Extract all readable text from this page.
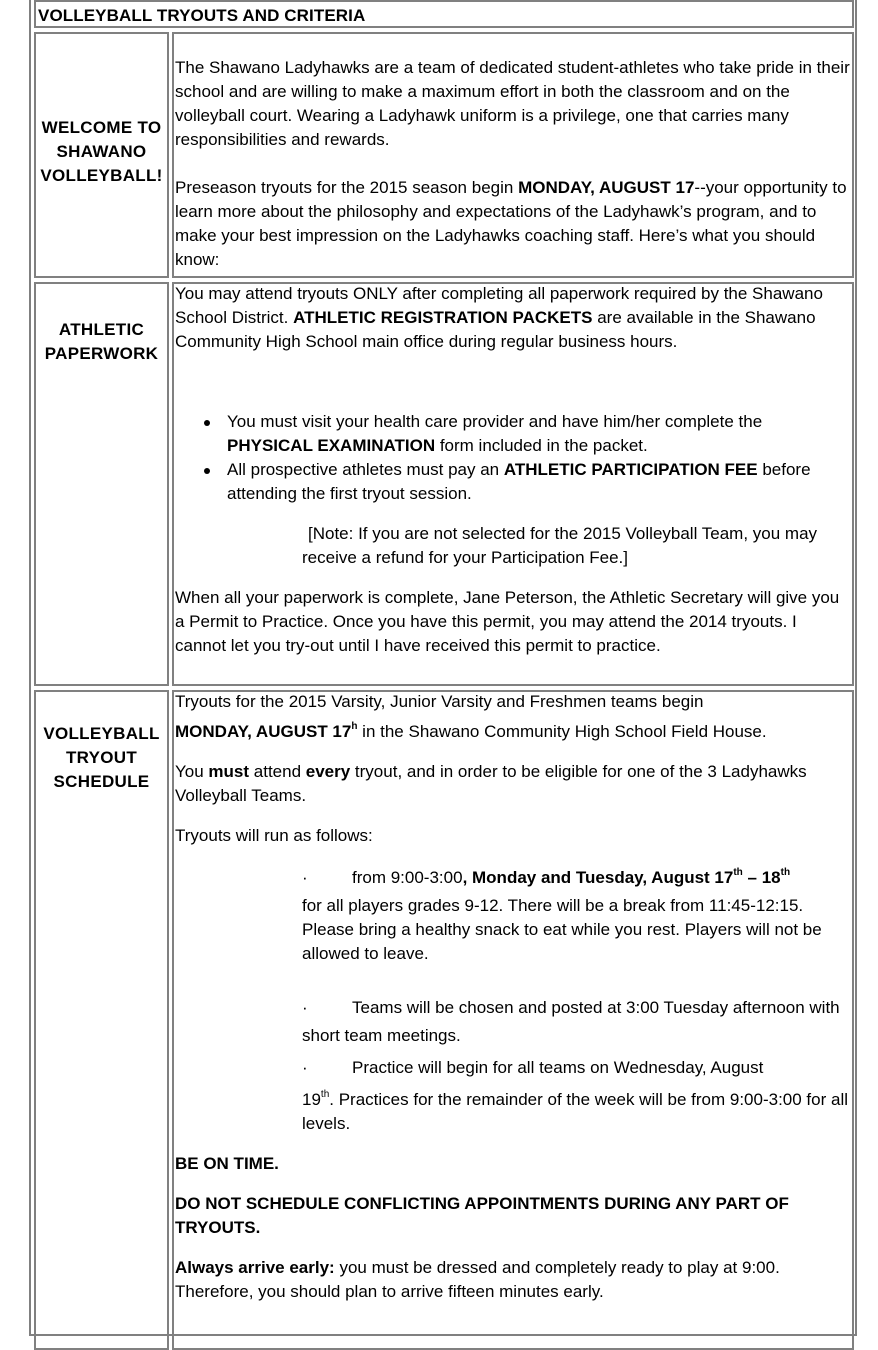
VOLLEYBALL TRYOUTS AND CRITERIA
WELCOME TO
SHAWANO
VOLLEYBALL!

The Shawano Ladyhawks are a team of dedicated student-athletes who take pride in their school and are willing to make a maximum effort in both the classroom and on the volleyball court. Wearing a Ladyhawk uniform is a privilege, one that carries many responsibilities and rewards.

Preseason tryouts for the 2015 season begin MONDAY, AUGUST 17--your opportunity to learn more about the philosophy and expectations of the Ladyhawk’s program, and to make your best impression on the Ladyhawks coaching staff. Here’s what you should know:

ATHLETIC
PAPERWORK

You may attend tryouts ONLY after completing all paperwork required by the Shawano School District. ATHLETIC REGISTRATION PACKETS are available in the Shawano Community High School main office during regular business hours.

You must visit your health care provider and have him/her complete the PHYSICAL EXAMINATION form included in the packet.
All prospective athletes must pay an ATHLETIC PARTICIPATION FEE before attending the first tryout session.

[Note: If you are not selected for the 2015 Volleyball Team, you may receive a refund for your Participation Fee.]

When all your paperwork is complete, Jane Peterson, the Athletic Secretary will give you a Permit to Practice. Once you have this permit, you may attend the 2014 tryouts. I cannot let you try-out until I have received this permit to practice.

VOLLEYBALL
TRYOUT
SCHEDULE

Tryouts for the 2015 Varsity, Junior Varsity and Freshmen teams begin
MONDAY, AUGUST 17$^h$ in the Shawano Community High School Field House.

You must attend every tryout, and in order to be eligible for one of the 3 Ladyhawks Volleyball Teams.

Tryouts will run as follows:

·	from 9:00-3:00, Monday and Tuesday, August 17th – 18th
for all players grades 9-12. There will be a break from 11:45-12:15. Please bring a healthy snack to eat while you rest. Players will not be allowed to leave.

·	Teams will be chosen and posted at 3:00 Tuesday afternoon with short team meetings.

·	Practice will begin for all teams on Wednesday, August
19th. Practices for the remainder of the week will be from 9:00-3:00 for all levels.

BE ON TIME.

DO NOT SCHEDULE CONFLICTING APPOINTMENTS DURING ANY PART OF TRYOUTS.

Always arrive early: you must be dressed and completely ready to play at 9:00. Therefore, you should plan to arrive fifteen minutes early.
